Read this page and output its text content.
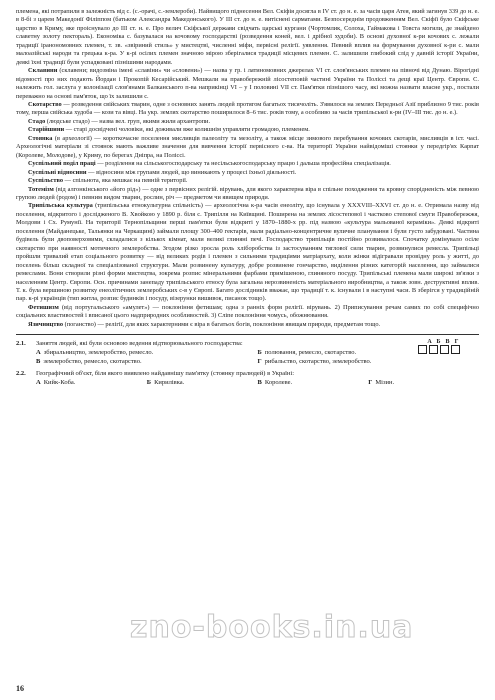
племена, які потрапили в залежність від с. (с.-орачі, с.-землероби). Найвищого піднесення Вел. Скіфія досягла в IV ст. до н. е. за часів царя Атея, який загинув 339 до н. е. в 8-бі з царем Македонії Філіппом (батьком Александра Македонського). У III ст. до н. е. витіснені сарматами. Безпосереднім продовженням Вел. Скіфії було Скіфське царство в Криму, яке проіснувало до III ст. н. е. Про велич Скіфської держави свідчать царські кургани (Чортомлик, Солоха, Гаймакова і Товста могили, де знайдено славетну золоту пектораль). Економіка с. базувалася на кочовому господарстві (розведення коней, вел. і дрібної худоби). В основі духовної к-ри кочових с. лежали традиції іранономовних племен, т. зв. «звіриний стиль» у мистецтві, численні міфи, первісні релігії. уявлення. Певний вплив на формування духовної к-ри с. мали малоазійські народи та грецька к-ра. У к-рі осілих племен значною мірою зберігалися традиції місцевих племен. С. залишили глибокий слід у давній історії України, деякі їхні традиції були успадковані пізнішими народами.

Склавини (склавени; видозміна імені «славіни» чи «словени») — назва у гр. і латиномовних джерелах VI ст. слов'янських племен на півночі від Дунаю. Вірогідні відомості про них подають Йордан і Прокопій Кесарійський. Мешкали на правобережній лісостеповій частині України та Поліссі та дещі краї Центр. Європи. С. належить гол. заслуга у колонізації слов'янами Балканського п-ва наприкінці VI – у I половині VII ст. Пам'ятки пізнішого часу, які можна назвати власне укр., постали переважно на основі пам'яток, що їх залишили с.

Скотарство — розведення свійських тварин, одне з основних занять людей протягом багатьох тисячоліть. З'явилося на землях Передньої Азії приблизно 9 тис. років тому, перша свійська худоба — кози та вівці. На укр. землях скотарство поширилося 8–6 тис. років тому, а особливо за часів трипільської к-ри (IV–III тис. до н. е.).

Стадо (людське стадо) — назва вел. груп, якими жили архантропи.

Старійшини — старі досвідчені чоловіки, які доживали вже колишнім управляти громадою, племенем.

Стоянка (в археології) — короткочасне поселення мисливців палеоліту та мезоліту, а також місце зимового перебування кочових скотарів, мисливців в іст. часі. Археологічні матеріали зі стоянок мають важливе значення для вивчення історії первісного с-ва. На території України найвідоміші стоянки у передгір'ях Карпат (Королеве, Молодове), у Криму, по берегах Дніпра, на Поліссі.

Суспільний поділ праці — розділення на сільськогосподарську та несільськогосподарську працю і дальша професійна спеціалізація.

Суспільні відносини — відносини між групами людей, що виникають у процесі їхньої діяльності.

Суспільство — спільнота, яка мешкає на певній території.

Тотемізм (від алгонкінського «його рід») — одне з первісних релігій. вірувань, для якого характерна віра в спільне походження та кровну спорідненість між певною групою людей (родом) і певним видом тварин, рослин, річ — предметом чи явищем природи.

Трипільська культура (трипільська етнокультурна спільність) — археологічна к-ра часів енеоліту, що існувала у XXXVIII–XXVI ст. до н. е. Отримала назву від поселення, відкритого і дослідженого В. Хвойкою у 1890 р. біля с. Трипілля на Київщині. Поширена на землях лісостепової і частково степової смуги Правобережжя, Молдови і Сх. Румунії. На території Тернопільщини перші пам'ятки були відкриті у 1870–1880-х рр. під назвою «культура мальованої кераміки». Деякі відкриті поселення (Майданецьке, Тальянки на Черкащині) займали площу 300–400 гектарів, мали радіально-концентричне вуличне планування і були густо забудовані. Частина будівель були двоповерховими, складалися з кількох кімнат, мали великі глиняні печі. Господарство трипільців постійно розвивалося. Спочатку домінувало осіле скотарство при наявності мотичного землеробства. Згодом різко зросла роль хліборобства із застосуванням тяглової сили тварин, розвинулися ремесла. Трипільці пройшли тривалий етап соціального розвитку — від великих родів і племен з сильними традиціями матріархату, коли жінки відігравали провідну роль у житті, до поселень більш складної та спеціалізованої структури. Мали розвинену культуру, добре розвинене гончарство, виділення різних категорій населення, що займалися ремеслами. Вони створили різні форми мистецтва, зокрема розпис мінеральними фарбами примішеною, глиняного посуду. Трипільські племена мали широкі зв'язки з населенням Центр. Європи. Осн. причинами занепаду трипільського етносу була загальна нерозвиненість матеріального виробництва, а також зовн. деструктивні вплив. Т. к. була вершиною розвитку енеолітичних землеробських с-в у Європі. Багато дослідників вважає, що традиції т. к. існували і в наступні часи. В зберігся у традиційній пар. к-рі українців (тип житла, розпис будинків і посуду, візерунки вишивок, писанок тощо).

Фетишизм (від португальського «амулет») — поклоніння фетишам; одна з ранніх форм релігії. вірувань. 2) Приписування речам самих по собі специфічно соціальних властивостей і вписаної цього надприродних особливостей. 3) Сліпе поклоніння чомусь, обожнювання.

Язичництво (поганство) — релігії, для яких характерними є віра в багатьох богів, поклоніння явищам природи, предметам тощо.

2.1.	Заняття людей, які були основою ведення відтворювального господарства:	А Б В Г
А збиральництво, землеробство, ремесло.	Б полювання, ремесло, скотарство.
В землеробство, ремесло, скотарство.	Г рибальство, скотарство, землеробство.
2.2.	Географічний об'єкт, біля якого виявлено найдавнішу пам'ятку (стоянку пралюдей) в Україні:
А Кийк-Коба.	Б Кирилівка.	В Королеве.	Г Мізин.
zno-books.in.ua
16
